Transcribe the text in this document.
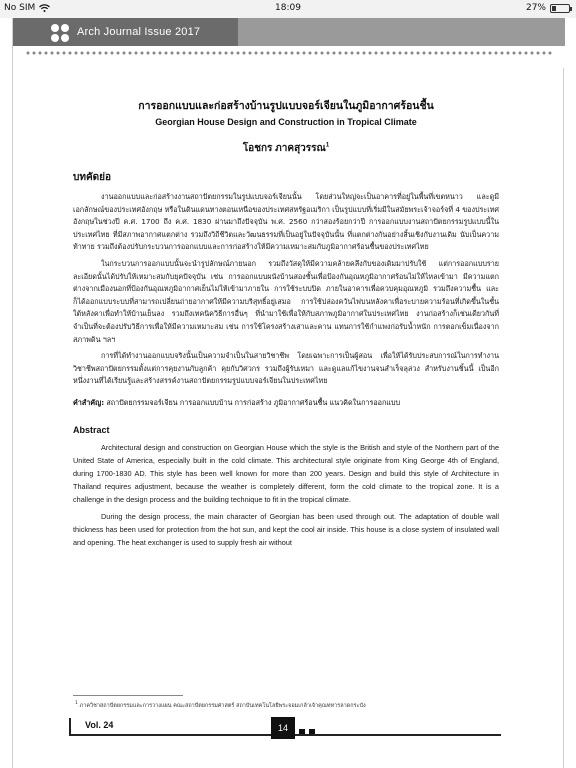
No SIM	18:09	27%
Arch Journal Issue 2017
การออกแบบและก่อสร้างบ้านรูปแบบจอร์เจียนในภูมิอากาศร้อนชื้น
Georgian House Design and Construction in Tropical Climate
โอชกร ภาคสุวรรณ$^1$
บทคัดย่อ

งานออกแบบและก่อสร้างงานสถาปัตยกรรมในรูปแบบจอร์เจียนนั้น โดยส่วนใหญ่จะเป็นอาคารที่อยู่ในพื้นที่เขตหนาว และดูมีเอกลักษณ์ของประเทศอังกฤษ หรือในดินแดนทางตอนเหนือของประเทศสหรัฐอเมริกา เป็นรูปแบบที่เริ่มมีในสมัยพระเจ้าจอร์จที่ 4 ของประเทศอังกฤษในช่วงปี ค.ศ. 1700 ถึง ค.ศ. 1830 ผ่านมาถึงปัจจุบัน พ.ศ. 2560 กว่าสองร้อยกว่าปี การออกแบบงานสถาปัตยกรรมรูปแบบนี้ในประเทศไทย ที่มีสภาพอากาศแตกต่าง รวมถึงวิถีชีวิตและวัฒนธรรมที่เป็นอยู่ในปัจจุบันนั้น ที่แตกต่างกันอย่างสิ้นเชิงกับงานเดิม นับเป็นความท้าทาย รวมถึงต้องปรับกระบวนการออกแบบและการก่อสร้างให้มีความเหมาะสมกับภูมิอากาศร้อนชื้นของประเทศไทย

ในกระบวนการออกแบบนั้นจะนำรูปลักษณ์ภายนอก รวมถึงวัสดุให้มีความคล้ายคลึงกับของเดิมมาปรับใช้ แต่การออกแบบรายละเอียดนั้นได้ปรับให้เหมาะสมกับยุคปัจจุบัน เช่น การออกแบบผนังบ้านสองชั้นเพื่อป้องกันอุณหภูมิอากาศร้อนไม่ให้ไหลเข้ามา มีความแตกต่างจากเมืองนอกที่ป้องกันอุณหภูมิอากาศเย็นไม่ให้เข้ามาภายใน การใช้ระบบปิด ภายในอาคารเพื่อควบคุมอุณหภูมิ รวมถึงความชื้น และก็ได้ออกแบบระบบที่สามารถเปลี่ยนถ่ายอากาศให้มีความบริสุทธิ์อยู่เสมอ การใช้ปล่องควันไฟบนหลังคาเพื่อระบายความร้อนที่เกิดขึ้นในชั้นใต้หลังคาเพื่อทำให้บ้านเย็นลง รวมถึงเทคนิควิธีการอื่นๆ ที่นำมาใช้เพื่อให้กับสภาพภูมิอากาศในประเทศไทย งานก่อสร้างก็เช่นเดียวกันที่จำเป็นที่จะต้องปรับวิธีการเพื่อให้มีความเหมาะสม เช่น การใช้โครงสร้างเสาและคาน แทนการใช้กำแพงก่อรับน้ำหนัก การตอกเข็มเนื่องจากสภาพดิน ฯลฯ

การที่ได้ทำงานออกแบบจริงนั้นเป็นความจำเป็นในสายวิชาชีพ โดยเฉพาะการเป็นผู้สอน เพื่อให้ได้รับประสบการณ์ในการทำงานวิชาชีพสถาปัตยกรรมตั้งแต่การคุยงานกับลูกค้า คุยกับวิศวกร รวมถึงผู้รับเหมา และดูแลแก้ไขงานจนสำเร็จลุล่วง สำหรับงานชิ้นนี้ เป็นอีกหนึ่งงานที่ได้เรียนรู้และสร้างสรรค์งานสถาปัตยกรรมรูปแบบจอร์เจียนในประเทศไทย

คำสำคัญ: สถาปัตยกรรมจอร์เจียน การออกแบบบ้าน การก่อสร้าง ภูมิอากาศร้อนชื้น แนวคิดในการออกแบบ
Abstract

Architectural design and construction on Georgian House which the style is the British and style of the Northern part of the United State of America, especially built in the cold climate. This architectural style originate from King George 4th of England, during 1700-1830 AD. This style has been well known for more than 200 years. Design and build this style of Architecture in Thailand requires adjustment, because the weather is completely different, form the cold climate to the tropical zone. It is a challenge in the design process and the building technique to fit in the tropical climate.

During the design process, the main character of Georgian has been used through out. The adaptation of double wall thickness has been used for protection from the hot sun, and kept the cool air inside. This house is a close system of insulated wall and opening. The heat exchanger is used to supply fresh air without

$^1$ ภาควิชาสถาปัตยกรรมและการวางแผน คณะสถาปัตยกรรมศาสตร์ สถาบันเทคโนโลยีพระจอมเกล้าเจ้าคุณทหารลาดกระบัง
Vol. 24	14
